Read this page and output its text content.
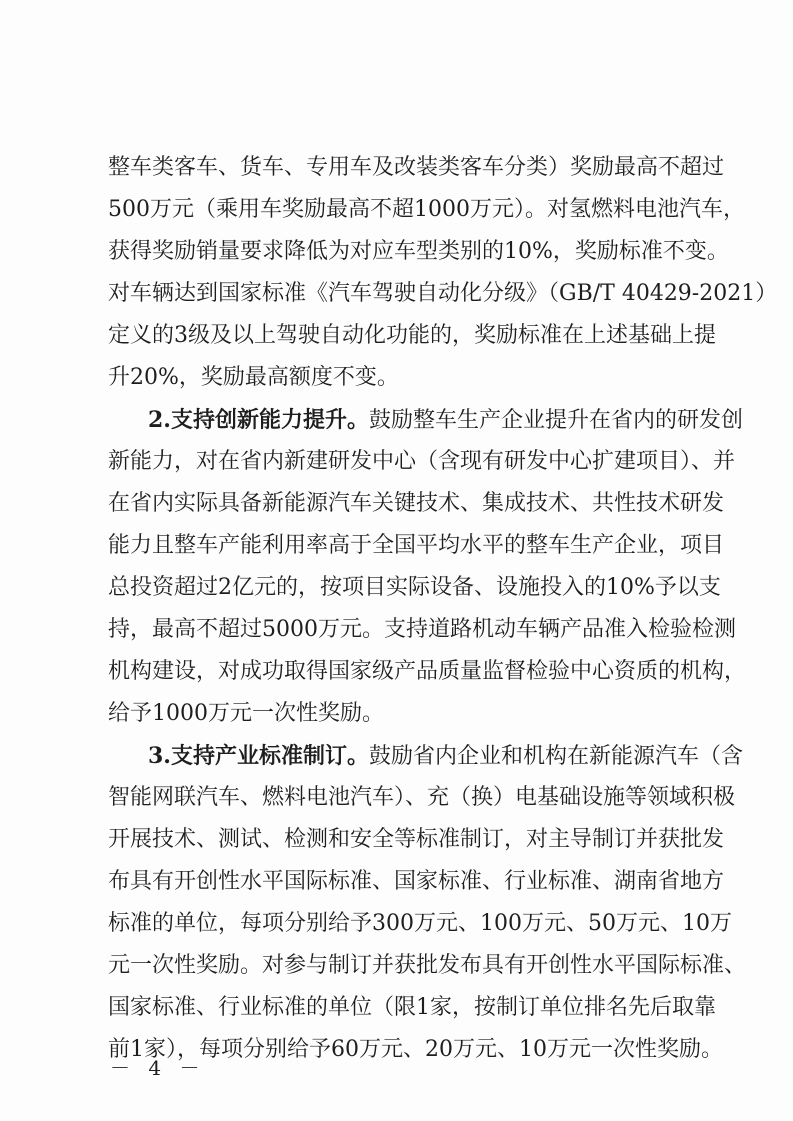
整车类客车、货车、专用车及改装类客车分类）奖励最高不超过
500万元（乘用车奖励最高不超1000万元）。对氢燃料电池汽车，
获得奖励销量要求降低为对应车型类别的10%，奖励标准不变。
对车辆达到国家标准《汽车驾驶自动化分级》（GB/T 40429-2021）
定义的3级及以上驾驶自动化功能的，奖励标准在上述基础上提
升20%，奖励最高额度不变。
2.支持创新能力提升。鼓励整车生产企业提升在省内的研发创
新能力，对在省内新建研发中心（含现有研发中心扩建项目）、并
在省内实际具备新能源汽车关键技术、集成技术、共性技术研发
能力且整车产能利用率高于全国平均水平的整车生产企业，项目
总投资超过2亿元的，按项目实际设备、设施投入的10%予以支
持，最高不超过5000万元。支持道路机动车辆产品准入检验检测
机构建设，对成功取得国家级产品质量监督检验中心资质的机构，
给予1000万元一次性奖励。
3.支持产业标准制订。鼓励省内企业和机构在新能源汽车（含
智能网联汽车、燃料电池汽车）、充（换）电基础设施等领域积极
开展技术、测试、检测和安全等标准制订，对主导制订并获批发
布具有开创性水平国际标准、国家标准、行业标准、湖南省地方
标准的单位，每项分别给予300万元、100万元、50万元、10万
元一次性奖励。对参与制订并获批发布具有开创性水平国际标准、
国家标准、行业标准的单位（限1家，按制订单位排名先后取靠
前1家），每项分别给予60万元、20万元、10万元一次性奖励。
－ 4 －
